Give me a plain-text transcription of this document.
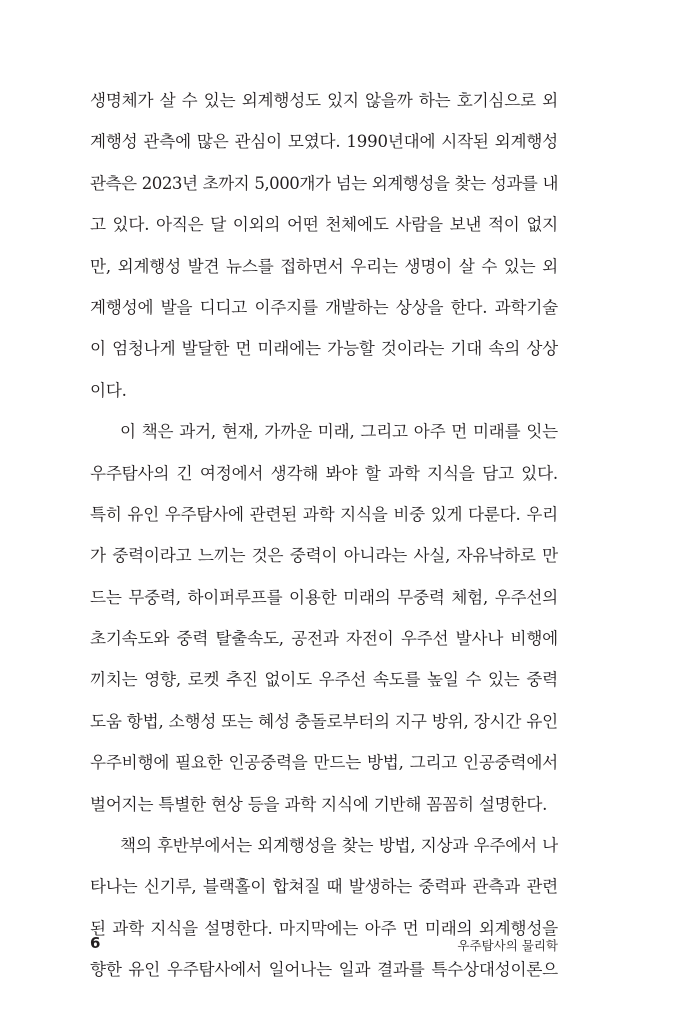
생명체가 살 수 있는 외계행성도 있지 않을까 하는 호기심으로 외
계행성 관측에 많은 관심이 모였다. 1990년대에 시작된 외계행성
관측은 2023년 초까지 5,000개가 넘는 외계행성을 찾는 성과를 내
고 있다. 아직은 달 이외의 어떤 천체에도 사람을 보낸 적이 없지
만, 외계행성 발견 뉴스를 접하면서 우리는 생명이 살 수 있는 외
계행성에 발을 디디고 이주지를 개발하는 상상을 한다. 과학기술
이 엄청나게 발달한 먼 미래에는 가능할 것이라는 기대 속의 상상
이다.
이 책은 과거, 현재, 가까운 미래, 그리고 아주 먼 미래를 잇는
우주탐사의 긴 여정에서 생각해 봐야 할 과학 지식을 담고 있다.
특히 유인 우주탐사에 관련된 과학 지식을 비중 있게 다룬다. 우리
가 중력이라고 느끼는 것은 중력이 아니라는 사실, 자유낙하로 만
드는 무중력, 하이퍼루프를 이용한 미래의 무중력 체험, 우주선의
초기속도와 중력 탈출속도, 공전과 자전이 우주선 발사나 비행에
끼치는 영향, 로켓 추진 없이도 우주선 속도를 높일 수 있는 중력
도움 항법, 소행성 또는 혜성 충돌로부터의 지구 방위, 장시간 유인
우주비행에 필요한 인공중력을 만드는 방법, 그리고 인공중력에서
벌어지는 특별한 현상 등을 과학 지식에 기반해 꼼꼼히 설명한다.
책의 후반부에서는 외계행성을 찾는 방법, 지상과 우주에서 나
타나는 신기루, 블랙홀이 합쳐질 때 발생하는 중력파 관측과 관련
된 과학 지식을 설명한다. 마지막에는 아주 먼 미래의 외계행성을
향한 유인 우주탐사에서 일어나는 일과 결과를 특수상대성이론으
6	우주탐사의 물리학
